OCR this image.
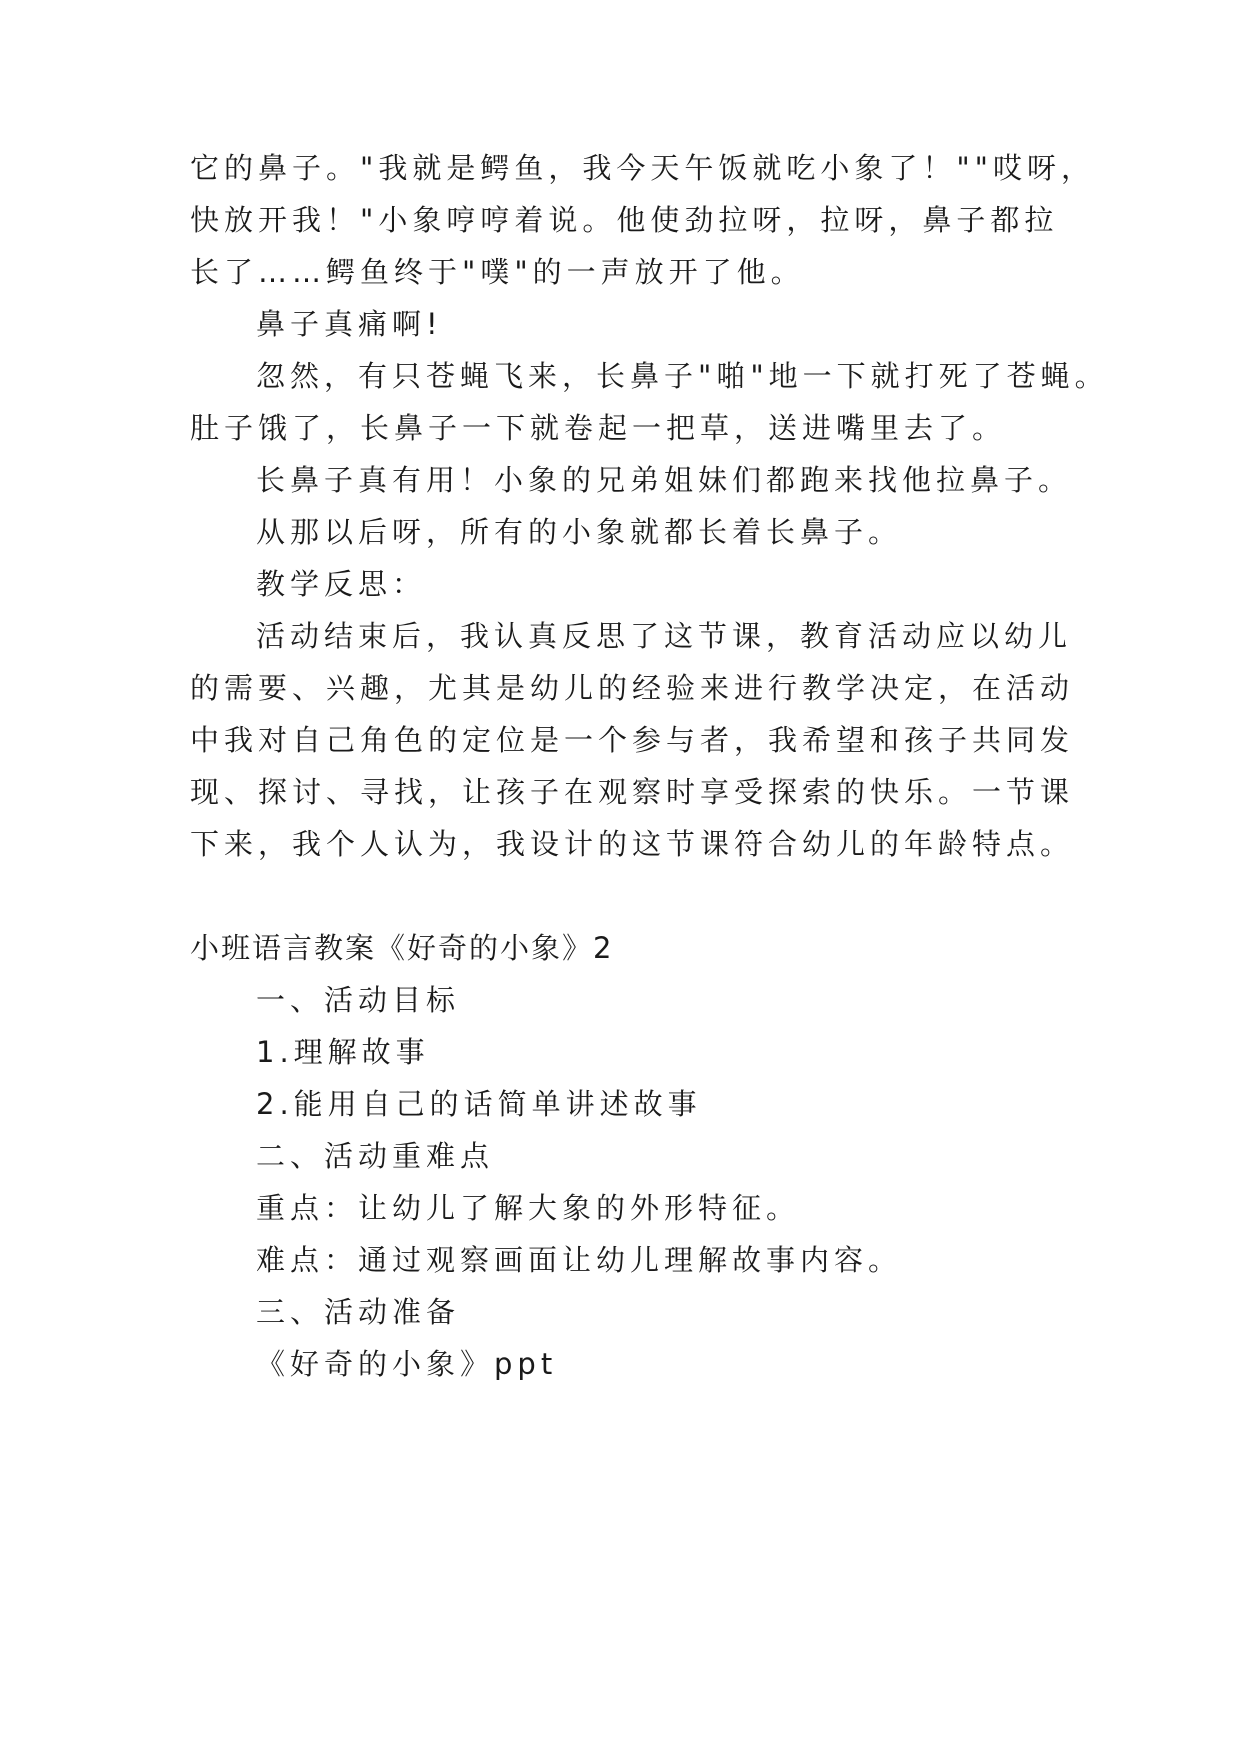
它的鼻子。"我就是鳄鱼，我今天午饭就吃小象了！""哎呀，

快放开我！"小象哼哼着说。他使劲拉呀，拉呀，鼻子都拉

长了……鳄鱼终于"噗"的一声放开了他。

鼻子真痛啊!

忽然，有只苍蝇飞来，长鼻子"啪"地一下就打死了苍蝇。

肚子饿了，长鼻子一下就卷起一把草，送进嘴里去了。

长鼻子真有用！小象的兄弟姐妹们都跑来找他拉鼻子。

从那以后呀，所有的小象就都长着长鼻子。

教学反思：

活动结束后，我认真反思了这节课，教育活动应以幼儿

的需要、兴趣，尤其是幼儿的经验来进行教学决定，在活动

中我对自己角色的定位是一个参与者，我希望和孩子共同发

现、探讨、寻找，让孩子在观察时享受探索的快乐。一节课

下来，我个人认为，我设计的这节课符合幼儿的年龄特点。

小班语言教案《好奇的小象》2

一、活动目标

1.理解故事

2.能用自己的话简单讲述故事

二、活动重难点

重点：让幼儿了解大象的外形特征。

难点：通过观察画面让幼儿理解故事内容。

三、活动准备

《好奇的小象》ppt
